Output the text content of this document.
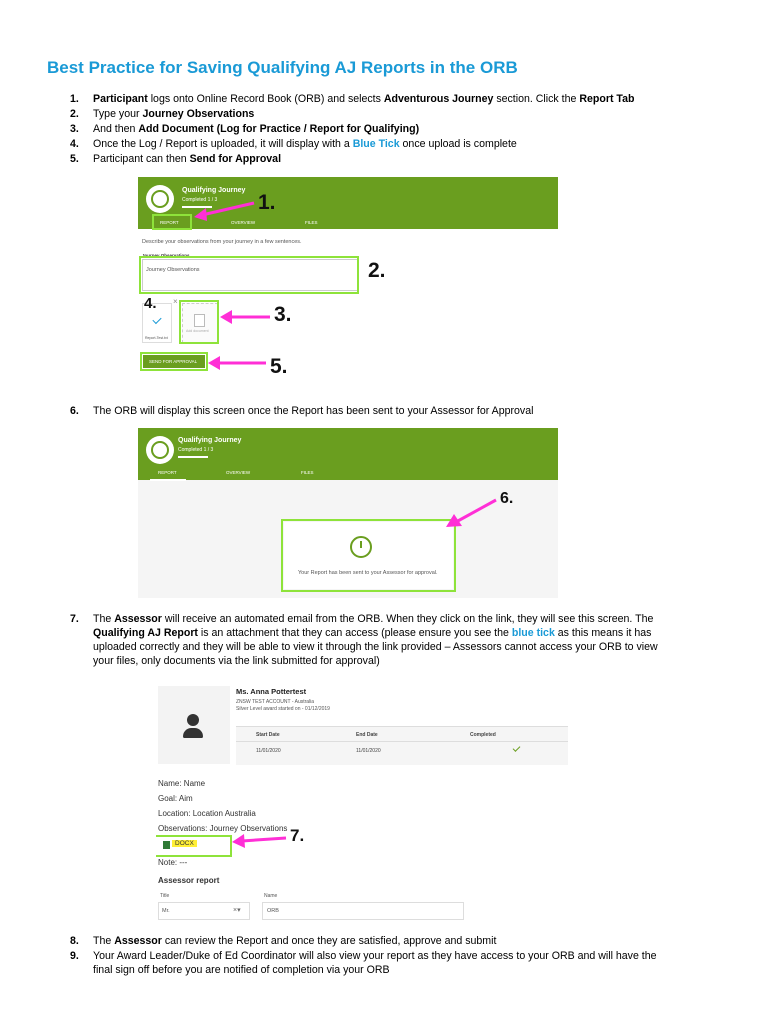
Best Practice for Saving Qualifying AJ Reports in the ORB
1. Participant logs onto Online Record Book (ORB) and selects Adventurous Journey section. Click the Report Tab
2. Type your Journey Observations
3. And then Add Document (Log for Practice / Report for Qualifying)
4. Once the Log / Report is uploaded, it will display with a Blue Tick once upload is complete
5. Participant can then Send for Approval
Qualifying Journey
Completed 1 / 3
REPORT	OVERVIEW	FILES
Describe your observations from your journey in a few sentences.
Journey Observations
Journey Observations
Report-Test.txt
×
Add document
SEND FOR APPROVAL
1.
2.
3.
4.
5.
6. The ORB will display this screen once the Report has been sent to your Assessor for Approval
Qualifying Journey
Completed 1 / 3
REPORT	OVERVIEW	FILES
Your Report has been sent to your Assessor for approval.
6.
7. The Assessor will receive an automated email from the ORB. When they click on the link, they will see this screen. The Qualifying AJ Report is an attachment that they can access (please ensure you see the blue tick as this means it has uploaded correctly and they will be able to view it through the link provided – Assessors cannot access your ORB to view your files, only documents via the link submitted for approval)
Ms. Anna Pottertest
ZNSW TEST ACCOUNT - Australia
Silver Level award started on - 01/12/2019
Start Date	End Date	Completed
11/01/2020	11/01/2020
Name: Name
Goal: Aim
Location: Location Australia
Observations: Journey Observations
DOCX
Note: ---
Assessor report
Title	Name
Mr.	×▾	ORB
7.
8. The Assessor can review the Report and once they are satisfied, approve and submit
9. Your Award Leader/Duke of Ed Coordinator will also view your report as they have access to your ORB and will have the final sign off before you are notified of completion via your ORB
